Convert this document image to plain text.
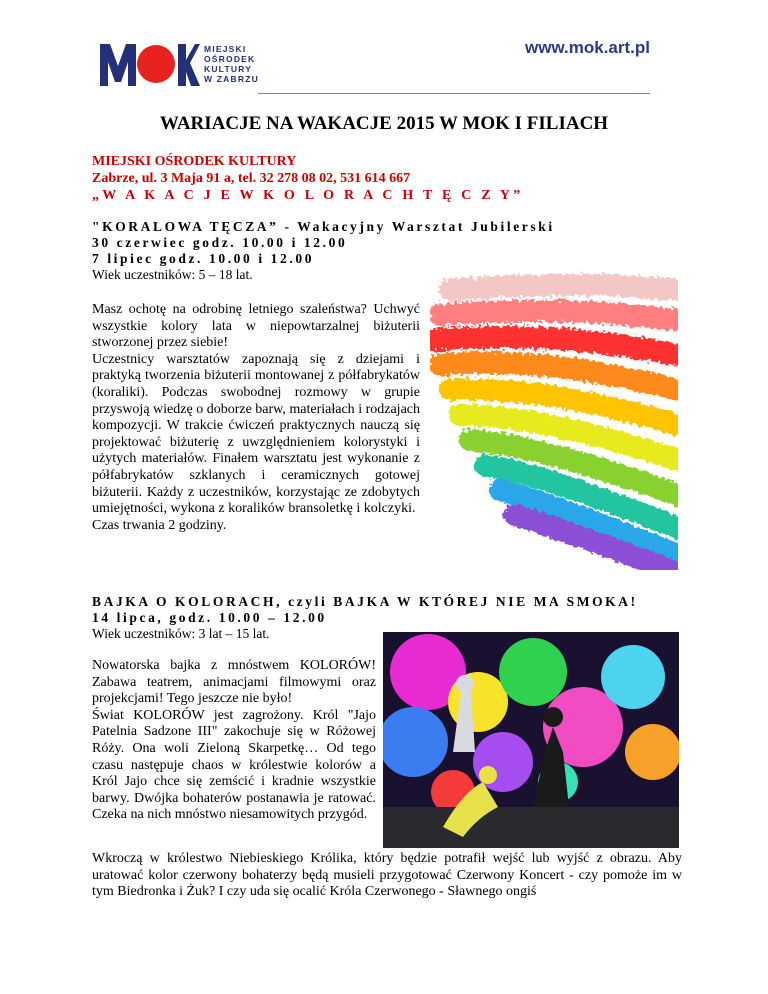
MIEJSKI
OŚRODEK
KULTURY
W ZABRZU
www.mok.art.pl
WARIACJE NA WAKACJE 2015 W MOK I FILIACH
MIEJSKI OŚRODEK KULTURY
Zabrze, ul. 3 Maja 91 a, tel. 32 278 08 02, 531 614 667
„W A K A C J E W K O L O R A C H T Ę C Z Y”
"KORALOWA TĘCZA” - Wakacyjny Warsztat Jubilerski
30 czerwiec godz. 10.00 i 12.00
7 lipiec godz. 10.00 i 12.00
Wiek uczestników: 5 – 18 lat.

Masz ochotę na odrobinę letniego szaleństwa? Uchwyć wszystkie kolory lata w niepowtarzalnej biżuterii stworzonej przez siebie!

Uczestnicy warsztatów zapoznają się z dziejami i praktyką tworzenia biżuterii montowanej z półfabrykatów (koraliki). Podczas swobodnej rozmowy w grupie przyswoją wiedzę o doborze barw, materiałach i rodzajach kompozycji. W trakcie ćwiczeń praktycznych nauczą się projektować biżuterię z uwzględnieniem kolorystyki i użytych materiałów. Finałem warsztatu jest wykonanie z półfabrykatów szklanych i ceramicznych gotowej biżuterii. Każdy z uczestników, korzystając ze zdobytych umiejętności, wykona z koralików bransoletkę i kolczyki.

Czas trwania 2 godziny.

BAJKA O KOLORACH, czyli BAJKA W KTÓREJ NIE MA SMOKA!
14 lipca, godz. 10.00 – 12.00
Wiek uczestników: 3 lat – 15 lat.

Nowatorska bajka z mnóstwem KOLORÓW! Zabawa teatrem, animacjami filmowymi oraz projekcjami! Tego jeszcze nie było!

Świat KOLORÓW jest zagrożony. Król "Jajo Patelnia Sadzone III" zakochuje się w Różowej Róży. Ona woli Zieloną Skarpetkę… Od tego czasu następuje chaos w królestwie kolorów a Król Jajo chce się zemścić i kradnie wszystkie barwy. Dwójka bohaterów postanawia je ratować. Czeka na nich mnóstwo niesamowitych przygód.

Wkroczą w królestwo Niebieskiego Królika, który będzie potrafił wejść lub wyjść z obrazu. Aby uratować kolor czerwony bohaterzy będą musieli przygotować Czerwony Koncert - czy pomoże im w tym Biedronka i Żuk? I czy uda się ocalić Króla Czerwonego - Sławnego ongiś
